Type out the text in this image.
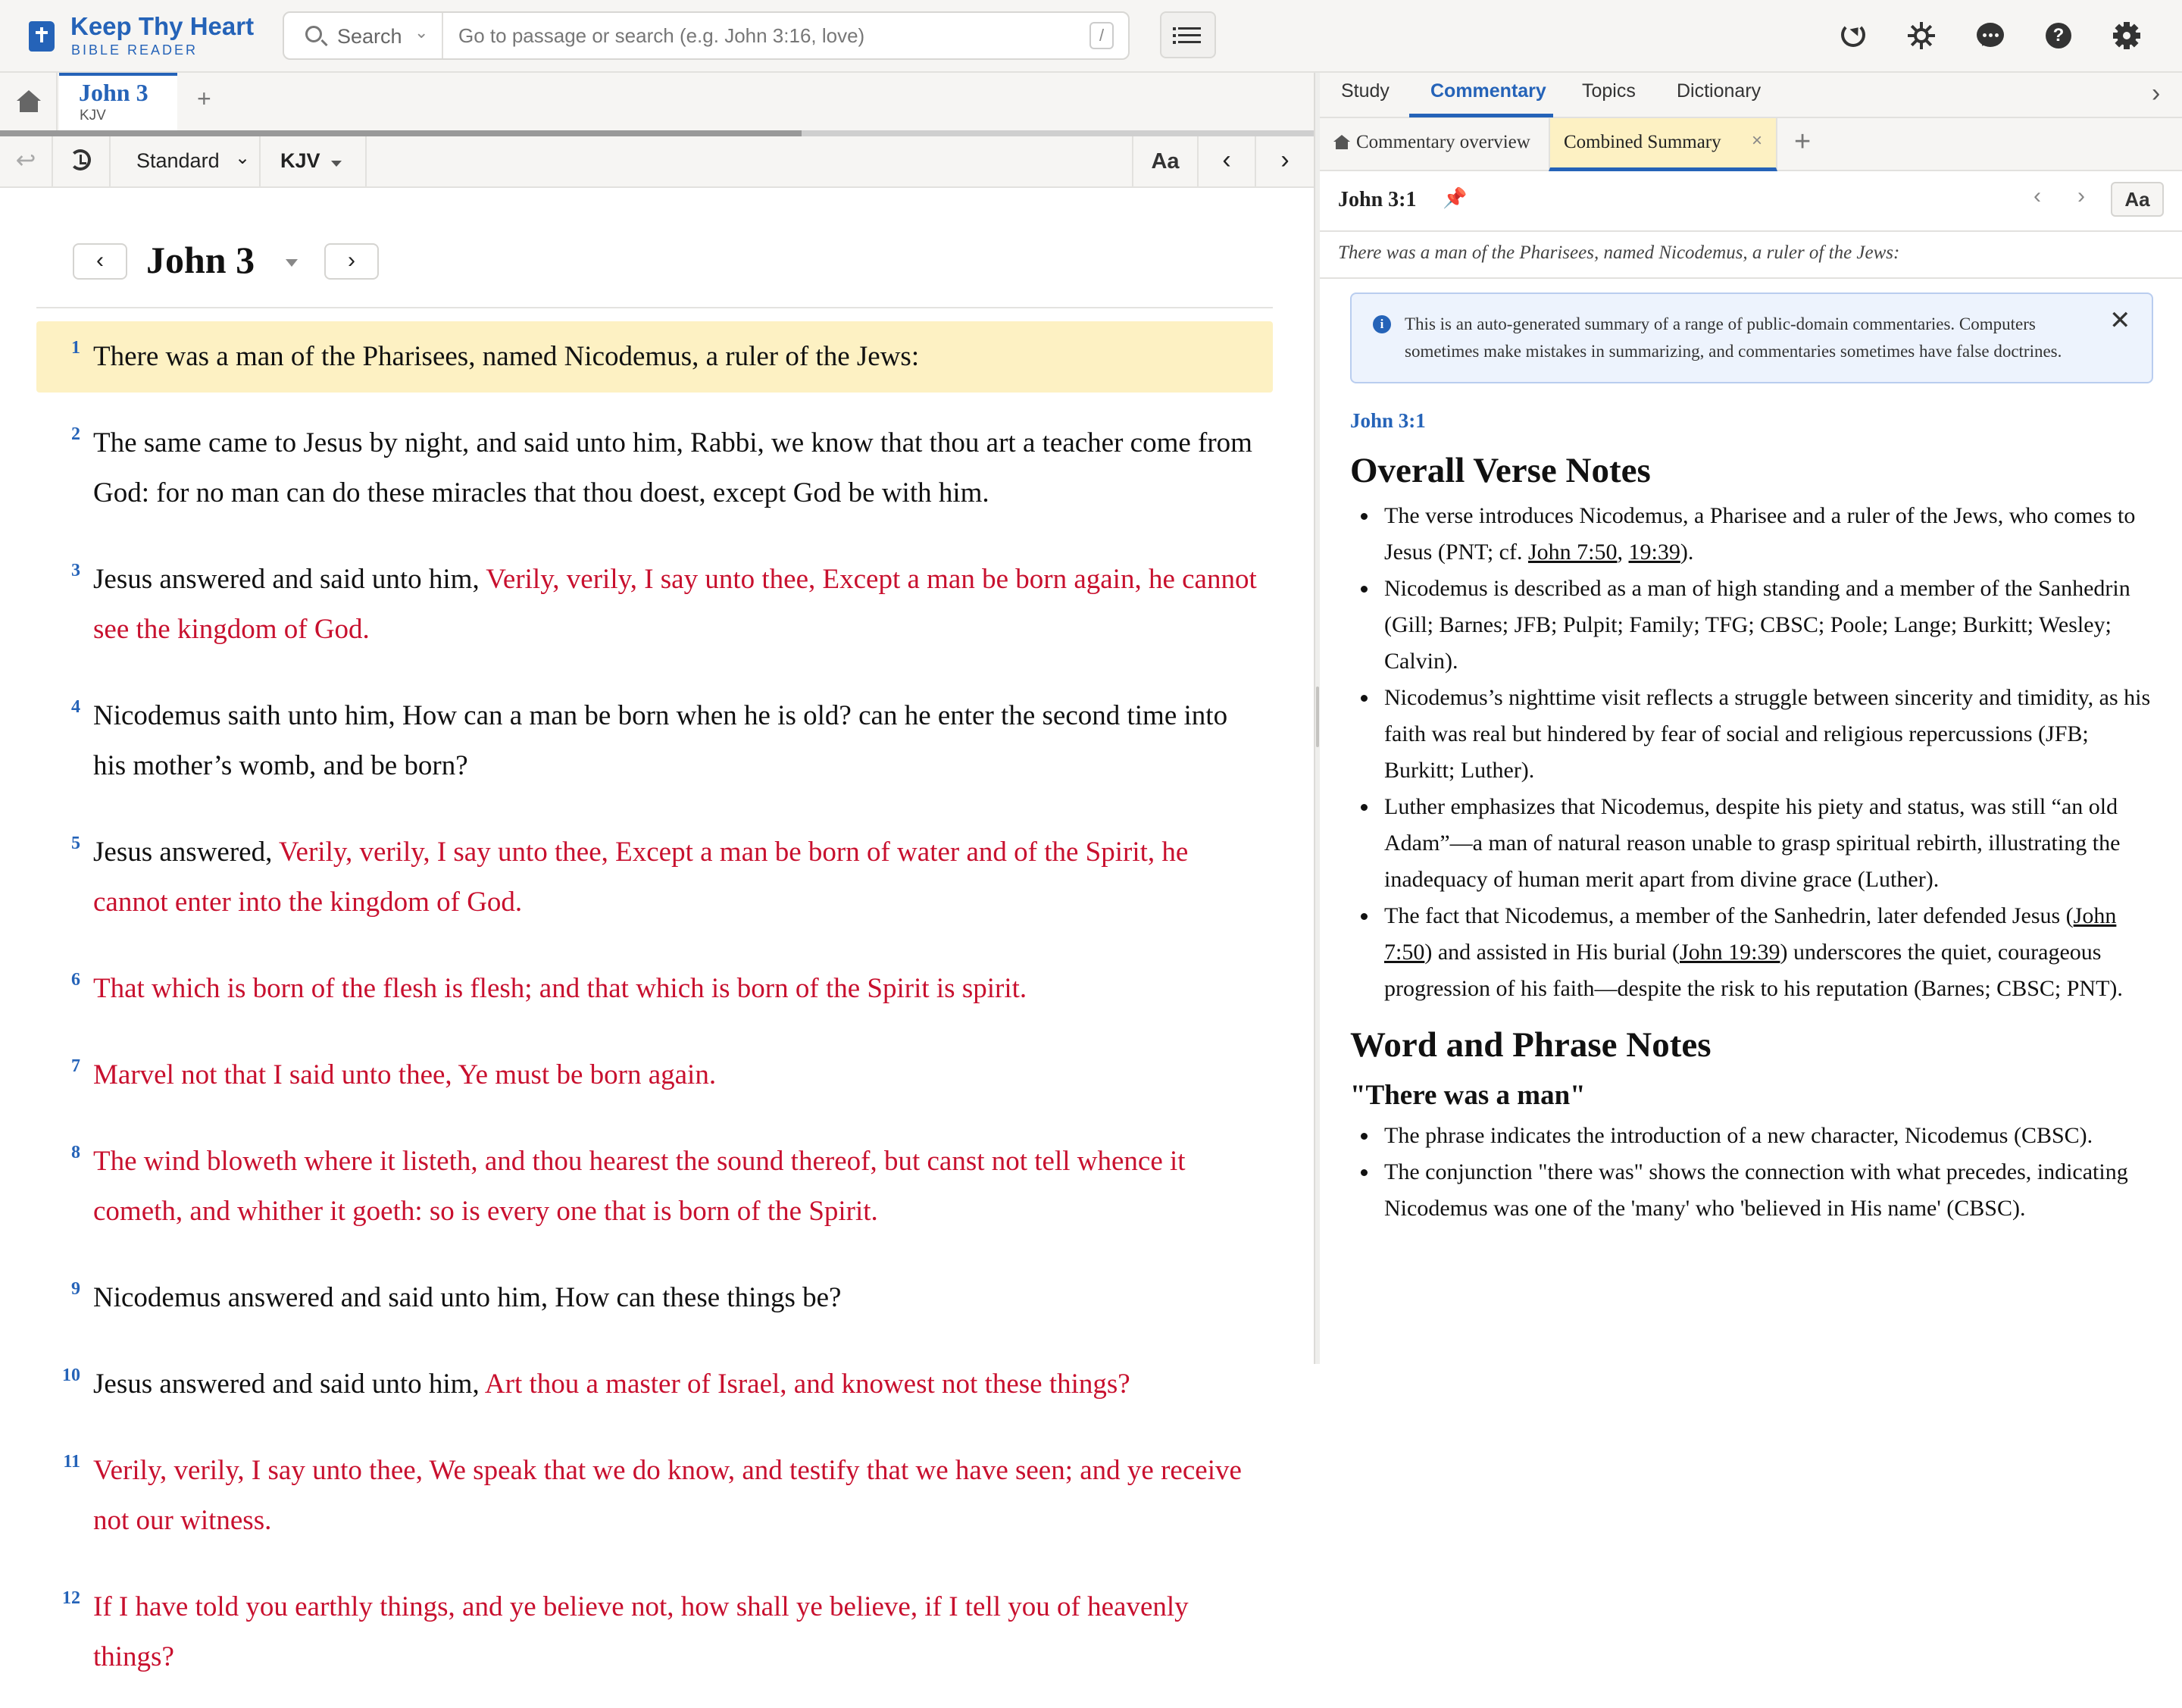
Keep Thy Heart
BIBLE READER
Search ⌄
Go to passage or search (e.g. John 3:16, love)	/	?
John 3
KJV
+
↩	Standard ⌄	KJV	Aa	‹	›
‹	John 3	›
1 There was a man of the Pharisees, named Nicodemus, a ruler of the Jews:
2 The same came to Jesus by night, and said unto him, Rabbi, we know that thou art a teacher come from God: for no man can do these miracles that thou doest, except God be with him.
3 Jesus answered and said unto him, Verily, verily, I say unto thee, Except a man be born again, he cannot see the kingdom of God.
4 Nicodemus saith unto him, How can a man be born when he is old? can he enter the second time into his mother’s womb, and be born?
5 Jesus answered, Verily, verily, I say unto thee, Except a man be born of water and of the Spirit, he cannot enter into the kingdom of God.
6 That which is born of the flesh is flesh; and that which is born of the Spirit is spirit.
7 Marvel not that I said unto thee, Ye must be born again.
8 The wind bloweth where it listeth, and thou hearest the sound thereof, but canst not tell whence it cometh, and whither it goeth: so is every one that is born of the Spirit.
9 Nicodemus answered and said unto him, How can these things be?
10 Jesus answered and said unto him, Art thou a master of Israel, and knowest not these things?
11 Verily, verily, I say unto thee, We speak that we do know, and testify that we have seen; and ye receive not our witness.
12 If I have told you earthly things, and ye believe not, how shall ye believe, if I tell you of heavenly things?
Study Commentary Topics Dictionary	›
Commentary overview Combined Summary × +
John 3:1 📌	‹ ›	Aa
There was a man of the Pharisees, named Nicodemus, a ruler of the Jews:
i	This is an auto-generated summary of a range of public-domain commentaries. Computers sometimes make mistakes in summarizing, and commentaries sometimes have false doctrines.
✕
John 3:1
Overall Verse Notes
The verse introduces Nicodemus, a Pharisee and a ruler of the Jews, who comes to Jesus (PNT; cf. John 7:50, 19:39).
Nicodemus is described as a man of high standing and a member of the Sanhedrin (Gill; Barnes; JFB; Pulpit; Family; TFG; CBSC; Poole; Lange; Burkitt; Wesley; Calvin).
Nicodemus’s nighttime visit reflects a struggle between sincerity and timidity, as his faith was real but hindered by fear of social and religious repercussions (JFB; Burkitt; Luther).
Luther emphasizes that Nicodemus, despite his piety and status, was still “an old Adam”—a man of natural reason unable to grasp spiritual rebirth, illustrating the inadequacy of human merit apart from divine grace (Luther).
The fact that Nicodemus, a member of the Sanhedrin, later defended Jesus (John 7:50) and assisted in His burial (John 19:39) underscores the quiet, courageous progression of his faith—despite the risk to his reputation (Barnes; CBSC; PNT).
Word and Phrase Notes
"There was a man"
The phrase indicates the introduction of a new character, Nicodemus (CBSC).
The conjunction "there was" shows the connection with what precedes, indicating Nicodemus was one of the 'many' who 'believed in His name' (CBSC).
